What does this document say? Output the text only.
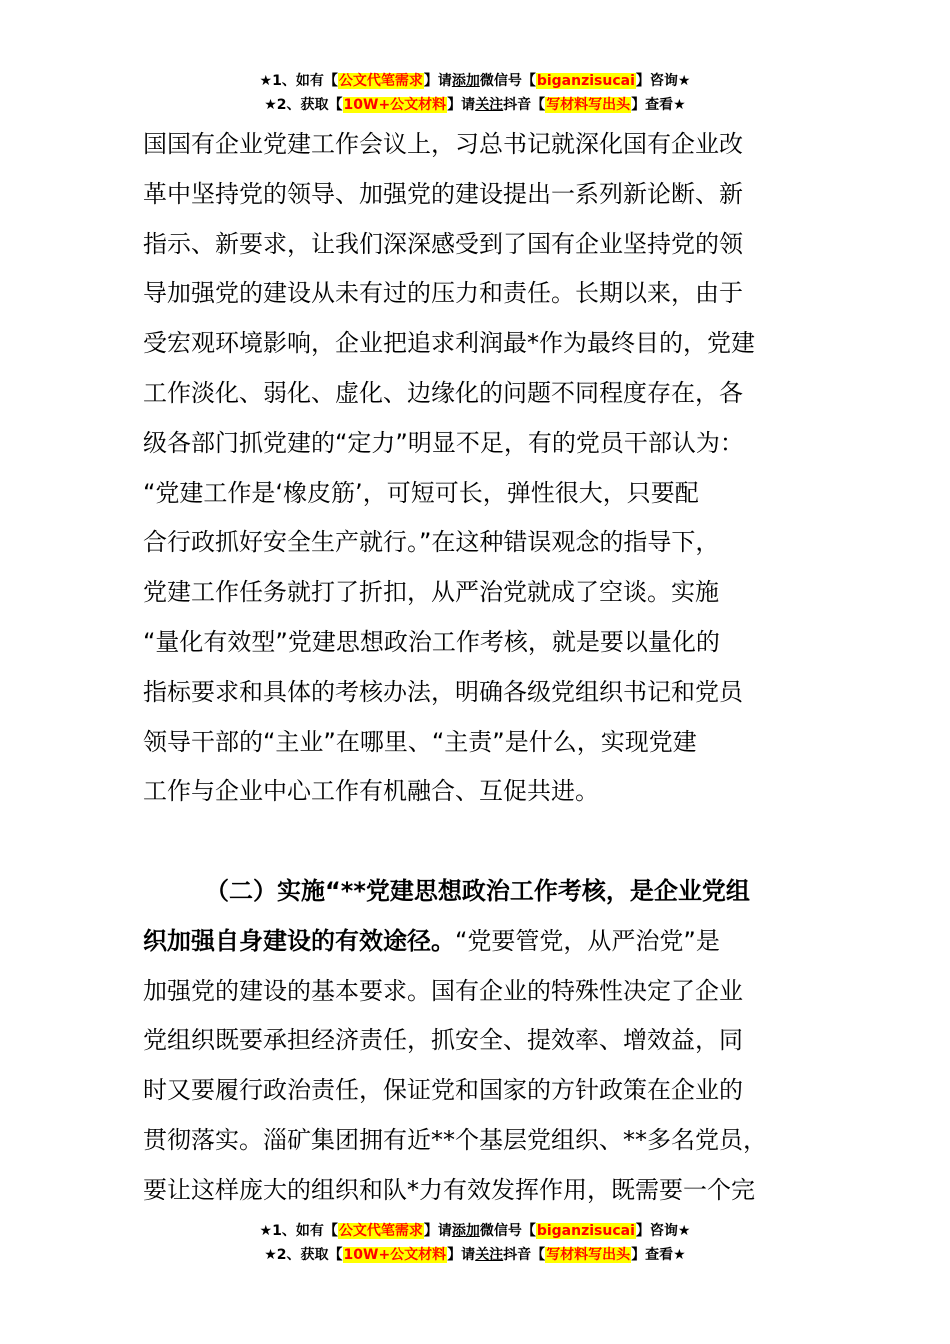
★1、如有【公文代笔需求】请添加微信号【biganzisucai】咨询★
★2、获取【10W+公文材料】请关注抖音【写材料写出头】查看★
国国有企业党建工作会议上，习总书记就深化国有企业改
革中坚持党的领导、加强党的建设提出一系列新论断、新
指示、新要求，让我们深深感受到了国有企业坚持党的领
导加强党的建设从未有过的压力和责任。长期以来，由于
受宏观环境影响，企业把追求利润最*作为最终目的，党建
工作淡化、弱化、虚化、边缘化的问题不同程度存在，各
级各部门抓党建的“定力”明显不足，有的党员干部认为：
“党建工作是‘橡皮筋’，可短可长，弹性很大，只要配
合行政抓好安全生产就行。”在这种错误观念的指导下，
党建工作任务就打了折扣，从严治党就成了空谈。实施
“量化有效型”党建思想政治工作考核，就是要以量化的
指标要求和具体的考核办法，明确各级党组织书记和党员
领导干部的“主业”在哪里、“主责”是什么，实现党建
工作与企业中心工作有机融合、互促共进。
（二）实施“**党建思想政治工作考核，是企业党组
织加强自身建设的有效途径。“党要管党，从严治党”是
加强党的建设的基本要求。国有企业的特殊性决定了企业
党组织既要承担经济责任，抓安全、提效率、增效益，同
时又要履行政治责任，保证党和国家的方针政策在企业的
贯彻落实。淄矿集团拥有近**个基层党组织、**多名党员，
要让这样庞大的组织和队*力有效发挥作用，既需要一个完
★1、如有【公文代笔需求】请添加微信号【biganzisucai】咨询★
★2、获取【10W+公文材料】请关注抖音【写材料写出头】查看★
